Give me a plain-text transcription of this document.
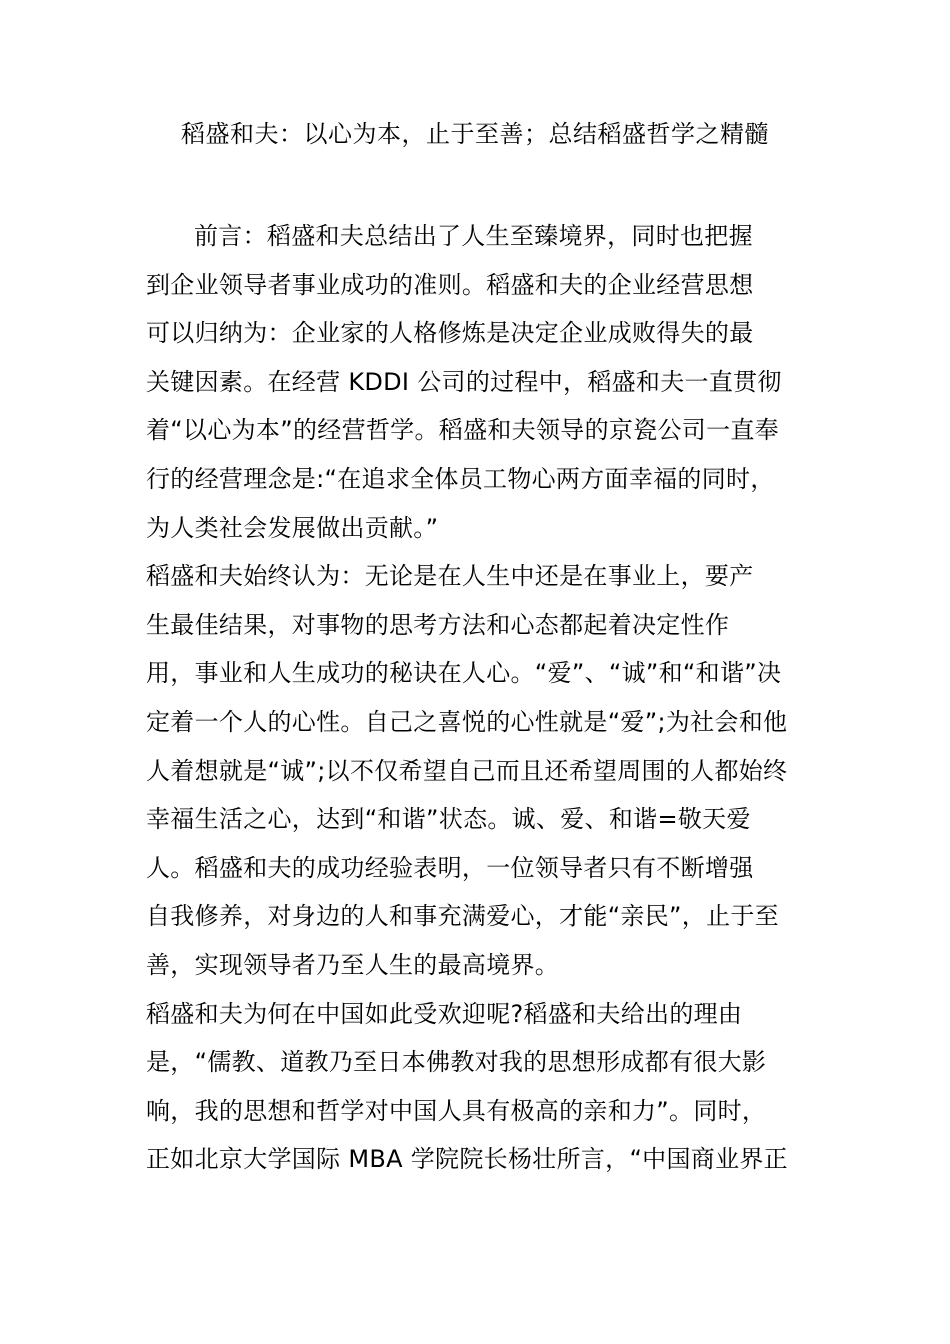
稻盛和夫：以心为本，止于至善；总结稻盛哲学之精髓
前言：稻盛和夫总结出了人生至臻境界，同时也把握
到企业领导者事业成功的准则。稻盛和夫的企业经营思想
可以归纳为：企业家的人格修炼是决定企业成败得失的最
关键因素。在经营 KDDI 公司的过程中，稻盛和夫一直贯彻
着“以心为本”的经营哲学。稻盛和夫领导的京瓷公司一直奉
行的经营理念是:“在追求全体员工物心两方面幸福的同时，
为人类社会发展做出贡献。”
稻盛和夫始终认为：无论是在人生中还是在事业上，要产
生最佳结果，对事物的思考方法和心态都起着决定性作
用，事业和人生成功的秘诀在人心。“爱”、“诚”和“和谐”决
定着一个人的心性。自己之喜悦的心性就是“爱”;为社会和他
人着想就是“诚”;以不仅希望自己而且还希望周围的人都始终
幸福生活之心，达到“和谐”状态。诚、爱、和谐=敬天爱
人。稻盛和夫的成功经验表明，一位领导者只有不断增强
自我修养，对身边的人和事充满爱心，才能“亲民”，止于至
善，实现领导者乃至人生的最高境界。
稻盛和夫为何在中国如此受欢迎呢?稻盛和夫给出的理由
是，“儒教、道教乃至日本佛教对我的思想形成都有很大影
响，我的思想和哲学对中国人具有极高的亲和力”。同时，
正如北京大学国际 MBA 学院院长杨壮所言，“中国商业界正
